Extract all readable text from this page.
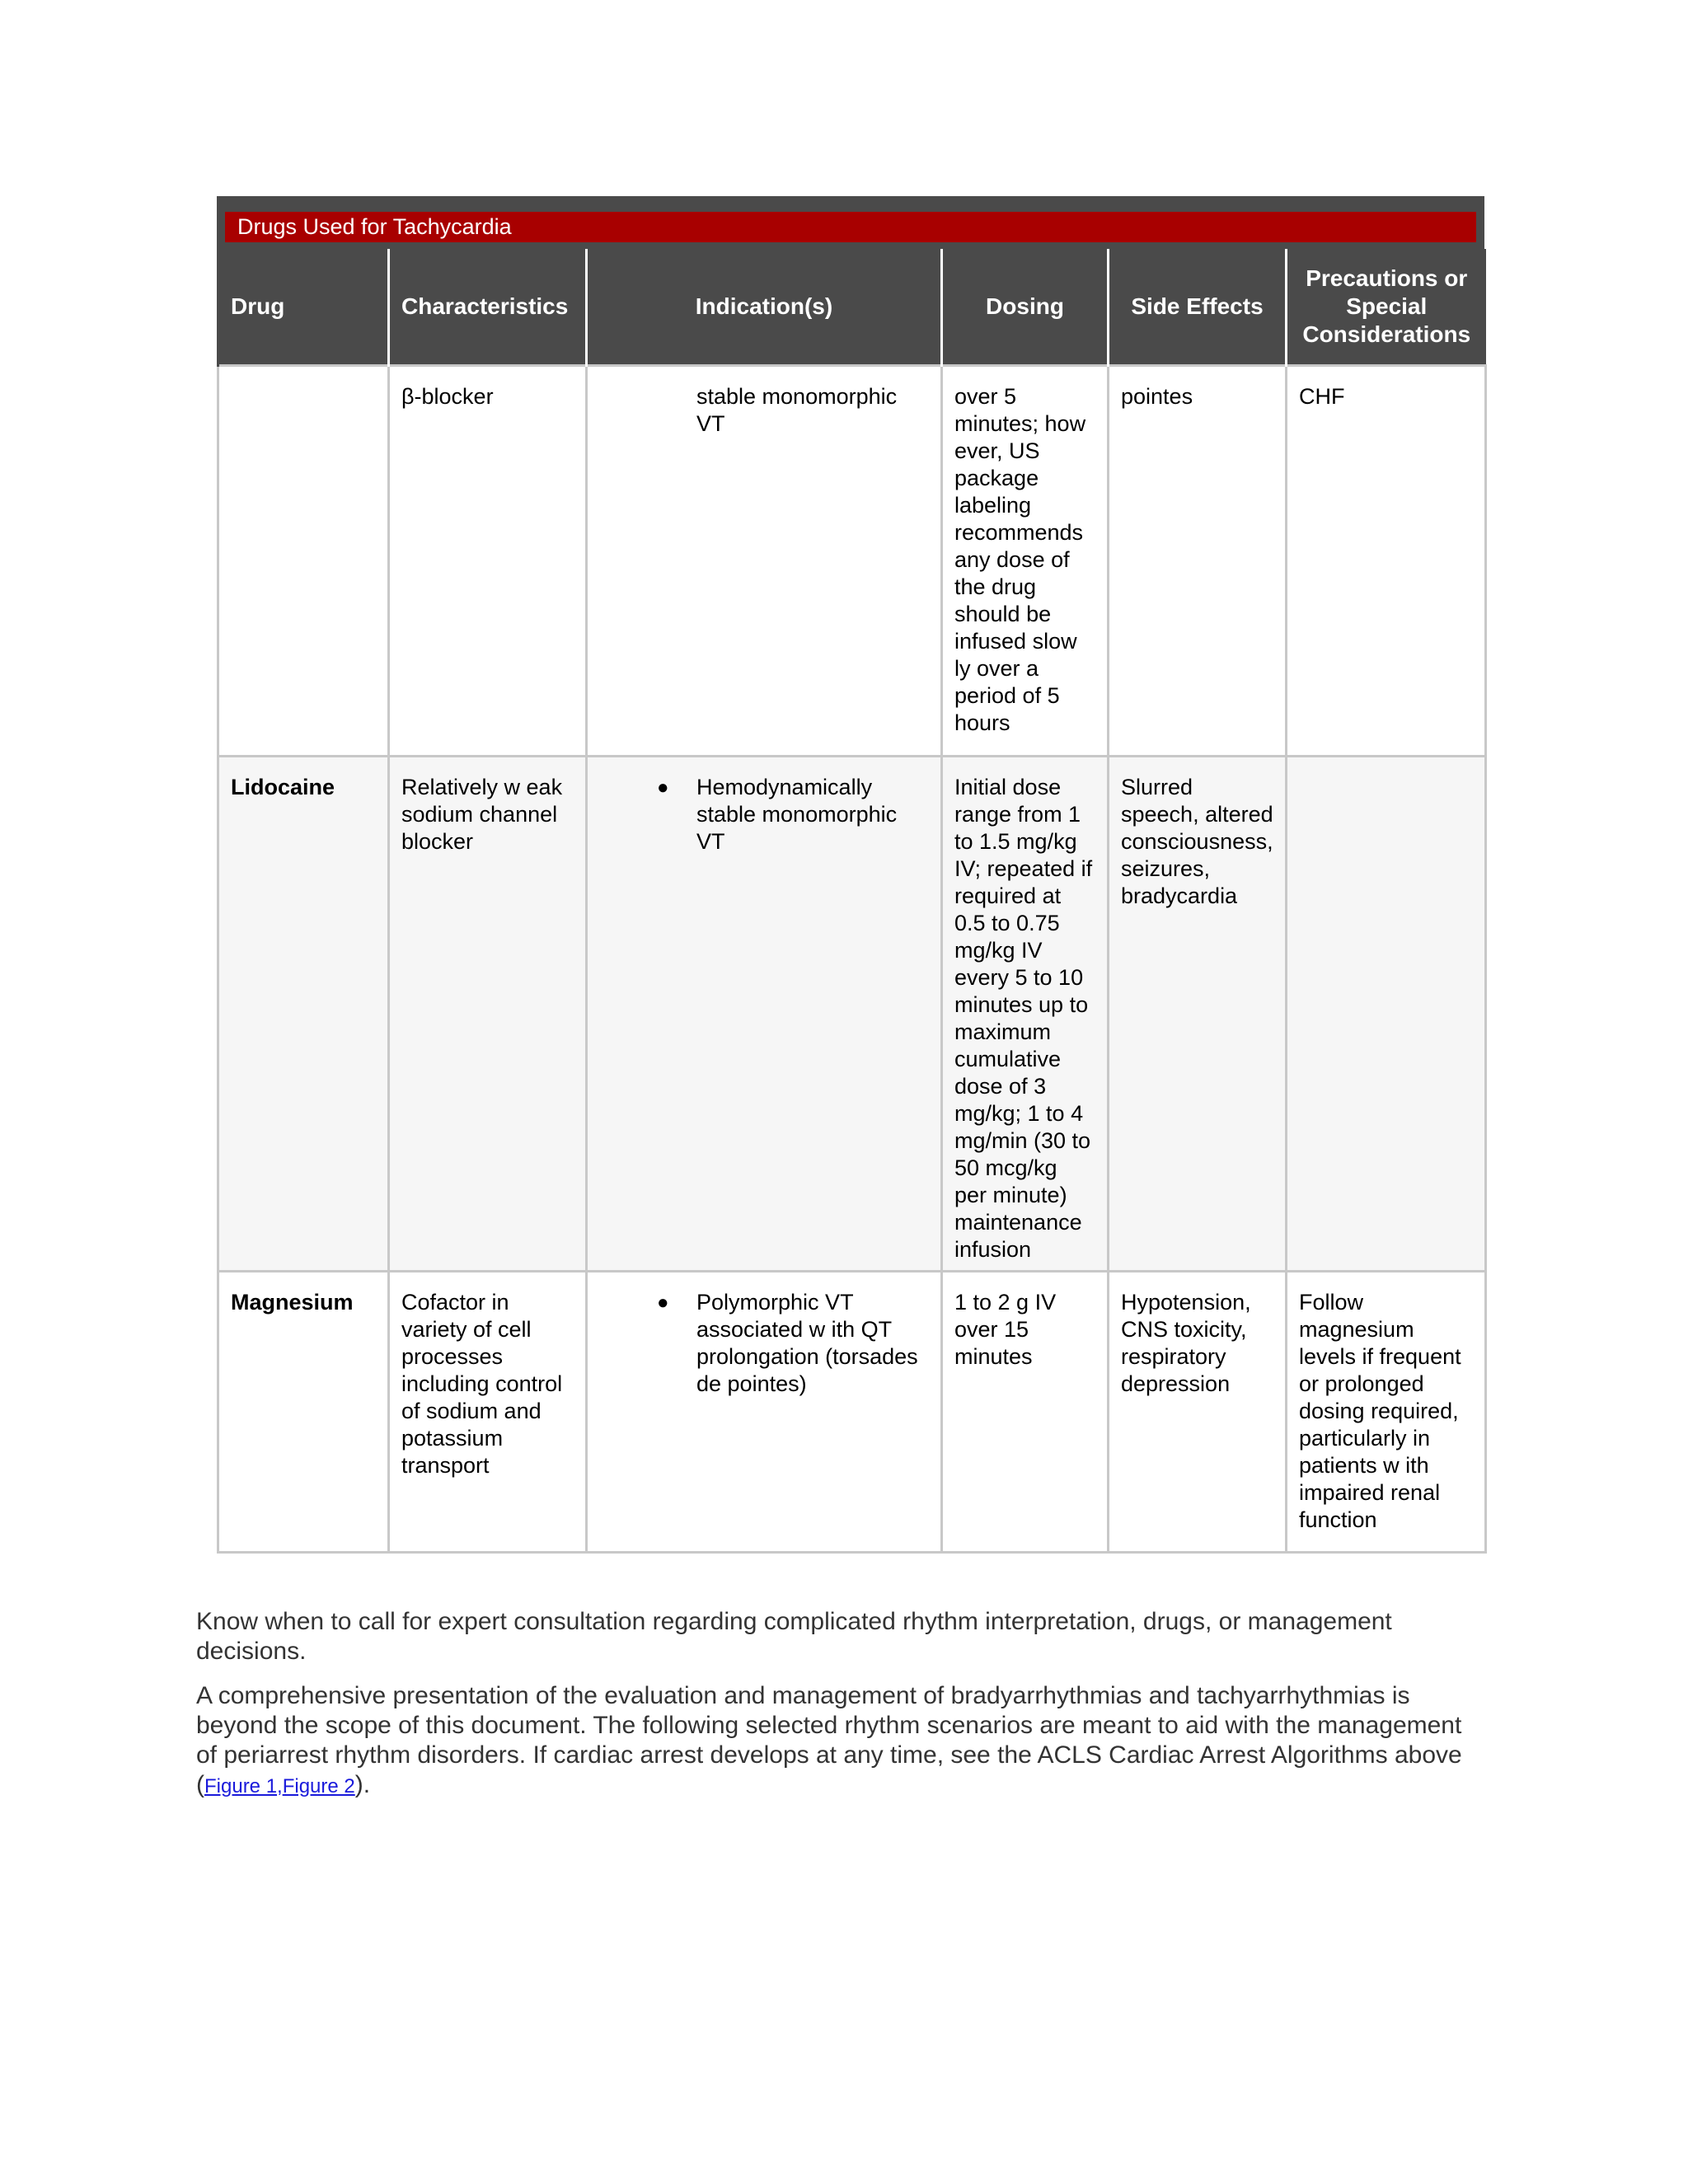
Drugs Used for Tachycardia
Drug	Characteristics	Indication(s)	Dosing	Side Effects	Precautions or
Special
Considerations
	β-blocker	stable monomorphic VT	over 5 minutes; how ever, US package labeling recommends any dose of the drug should be infused slow ly over a period of 5 hours	pointes	CHF
Lidocaine	Relatively w eak sodium channel blocker	● Hemodynamically stable monomorphic VT	Initial dose range from 1 to 1.5 mg/kg IV; repeated if required at 0.5 to 0.75 mg/kg IV every 5 to 10 minutes up to maximum cumulative dose of 3 mg/kg; 1 to 4 mg/min (30 to 50 mcg/kg per minute) maintenance infusion	Slurred speech, altered consciousness, seizures, bradycardia	
Magnesium	Cofactor in variety of cell processes including control of sodium and potassium transport	● Polymorphic VT associated w ith QT prolongation (torsades de pointes)	1 to 2 g IV over 15 minutes	Hypotension, CNS toxicity, respiratory depression	Follow magnesium levels if frequent or prolonged dosing required, particularly in patients w ith impaired renal function

Know when to call for expert consultation regarding complicated rhythm interpretation, drugs, or management decisions.

A comprehensive presentation of the evaluation and management of bradyarrhythmias and tachyarrhythmias is beyond the scope of this document. The following selected rhythm scenarios are meant to aid with the management of periarrest rhythm disorders. If cardiac arrest develops at any time, see the ACLS Cardiac Arrest Algorithms above (Figure 1,Figure 2).
